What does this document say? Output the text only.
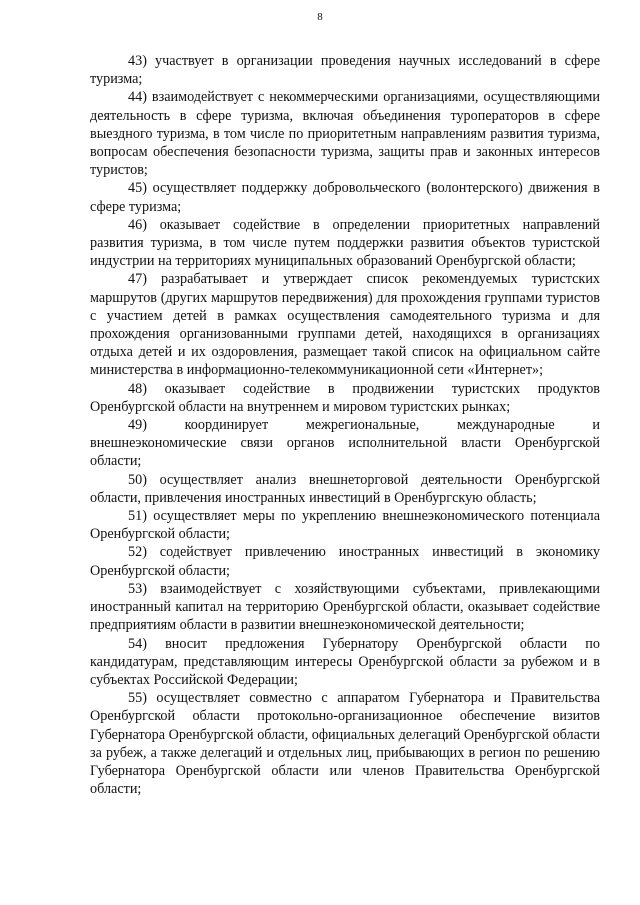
8

43) участвует в организации проведения научных исследований в сфере туризма;

44) взаимодействует с некоммерческими организациями, осуществляющими деятельность в сфере туризма, включая объединения туроператоров в сфере выездного туризма, в том числе по приоритетным направлениям развития туризма, вопросам обеспечения безопасности туризма, защиты прав и законных интересов туристов;

45) осуществляет поддержку добровольческого (волонтерского) движения в сфере туризма;

46) оказывает содействие в определении приоритетных направлений развития туризма, в том числе путем поддержки развития объектов туристской индустрии на территориях муниципальных образований Оренбургской области;

47) разрабатывает и утверждает список рекомендуемых туристских маршрутов (других маршрутов передвижения) для прохождения группами туристов с участием детей в рамках осуществления самодеятельного туризма и для прохождения организованными группами детей, находящихся в организациях отдыха детей и их оздоровления, размещает такой список на официальном сайте министерства в информационно-телекоммуникационной сети «Интернет»;

48) оказывает содействие в продвижении туристских продуктов Оренбургской области на внутреннем и мировом туристских рынках;

49) координирует межрегиональные, международные и внешнеэкономические связи органов исполнительной власти Оренбургской области;

50) осуществляет анализ внешнеторговой деятельности Оренбургской области, привлечения иностранных инвестиций в Оренбургскую область;

51) осуществляет меры по укреплению внешнеэкономического потенциала Оренбургской области;

52) содействует привлечению иностранных инвестиций в экономику Оренбургской области;

53) взаимодействует с хозяйствующими субъектами, привлекающими иностранный капитал на территорию Оренбургской области, оказывает содействие предприятиям области в развитии внешнеэкономической деятельности;

54) вносит предложения Губернатору Оренбургской области по кандидатурам, представляющим интересы Оренбургской области за рубежом и в субъектах Российской Федерации;

55) осуществляет совместно с аппаратом Губернатора и Правительства Оренбургской области протокольно-организационное обеспечение визитов Губернатора Оренбургской области, официальных делегаций Оренбургской области за рубеж, а также делегаций и отдельных лиц, прибывающих в регион по решению Губернатора Оренбургской области или членов Правительства Оренбургской области;
